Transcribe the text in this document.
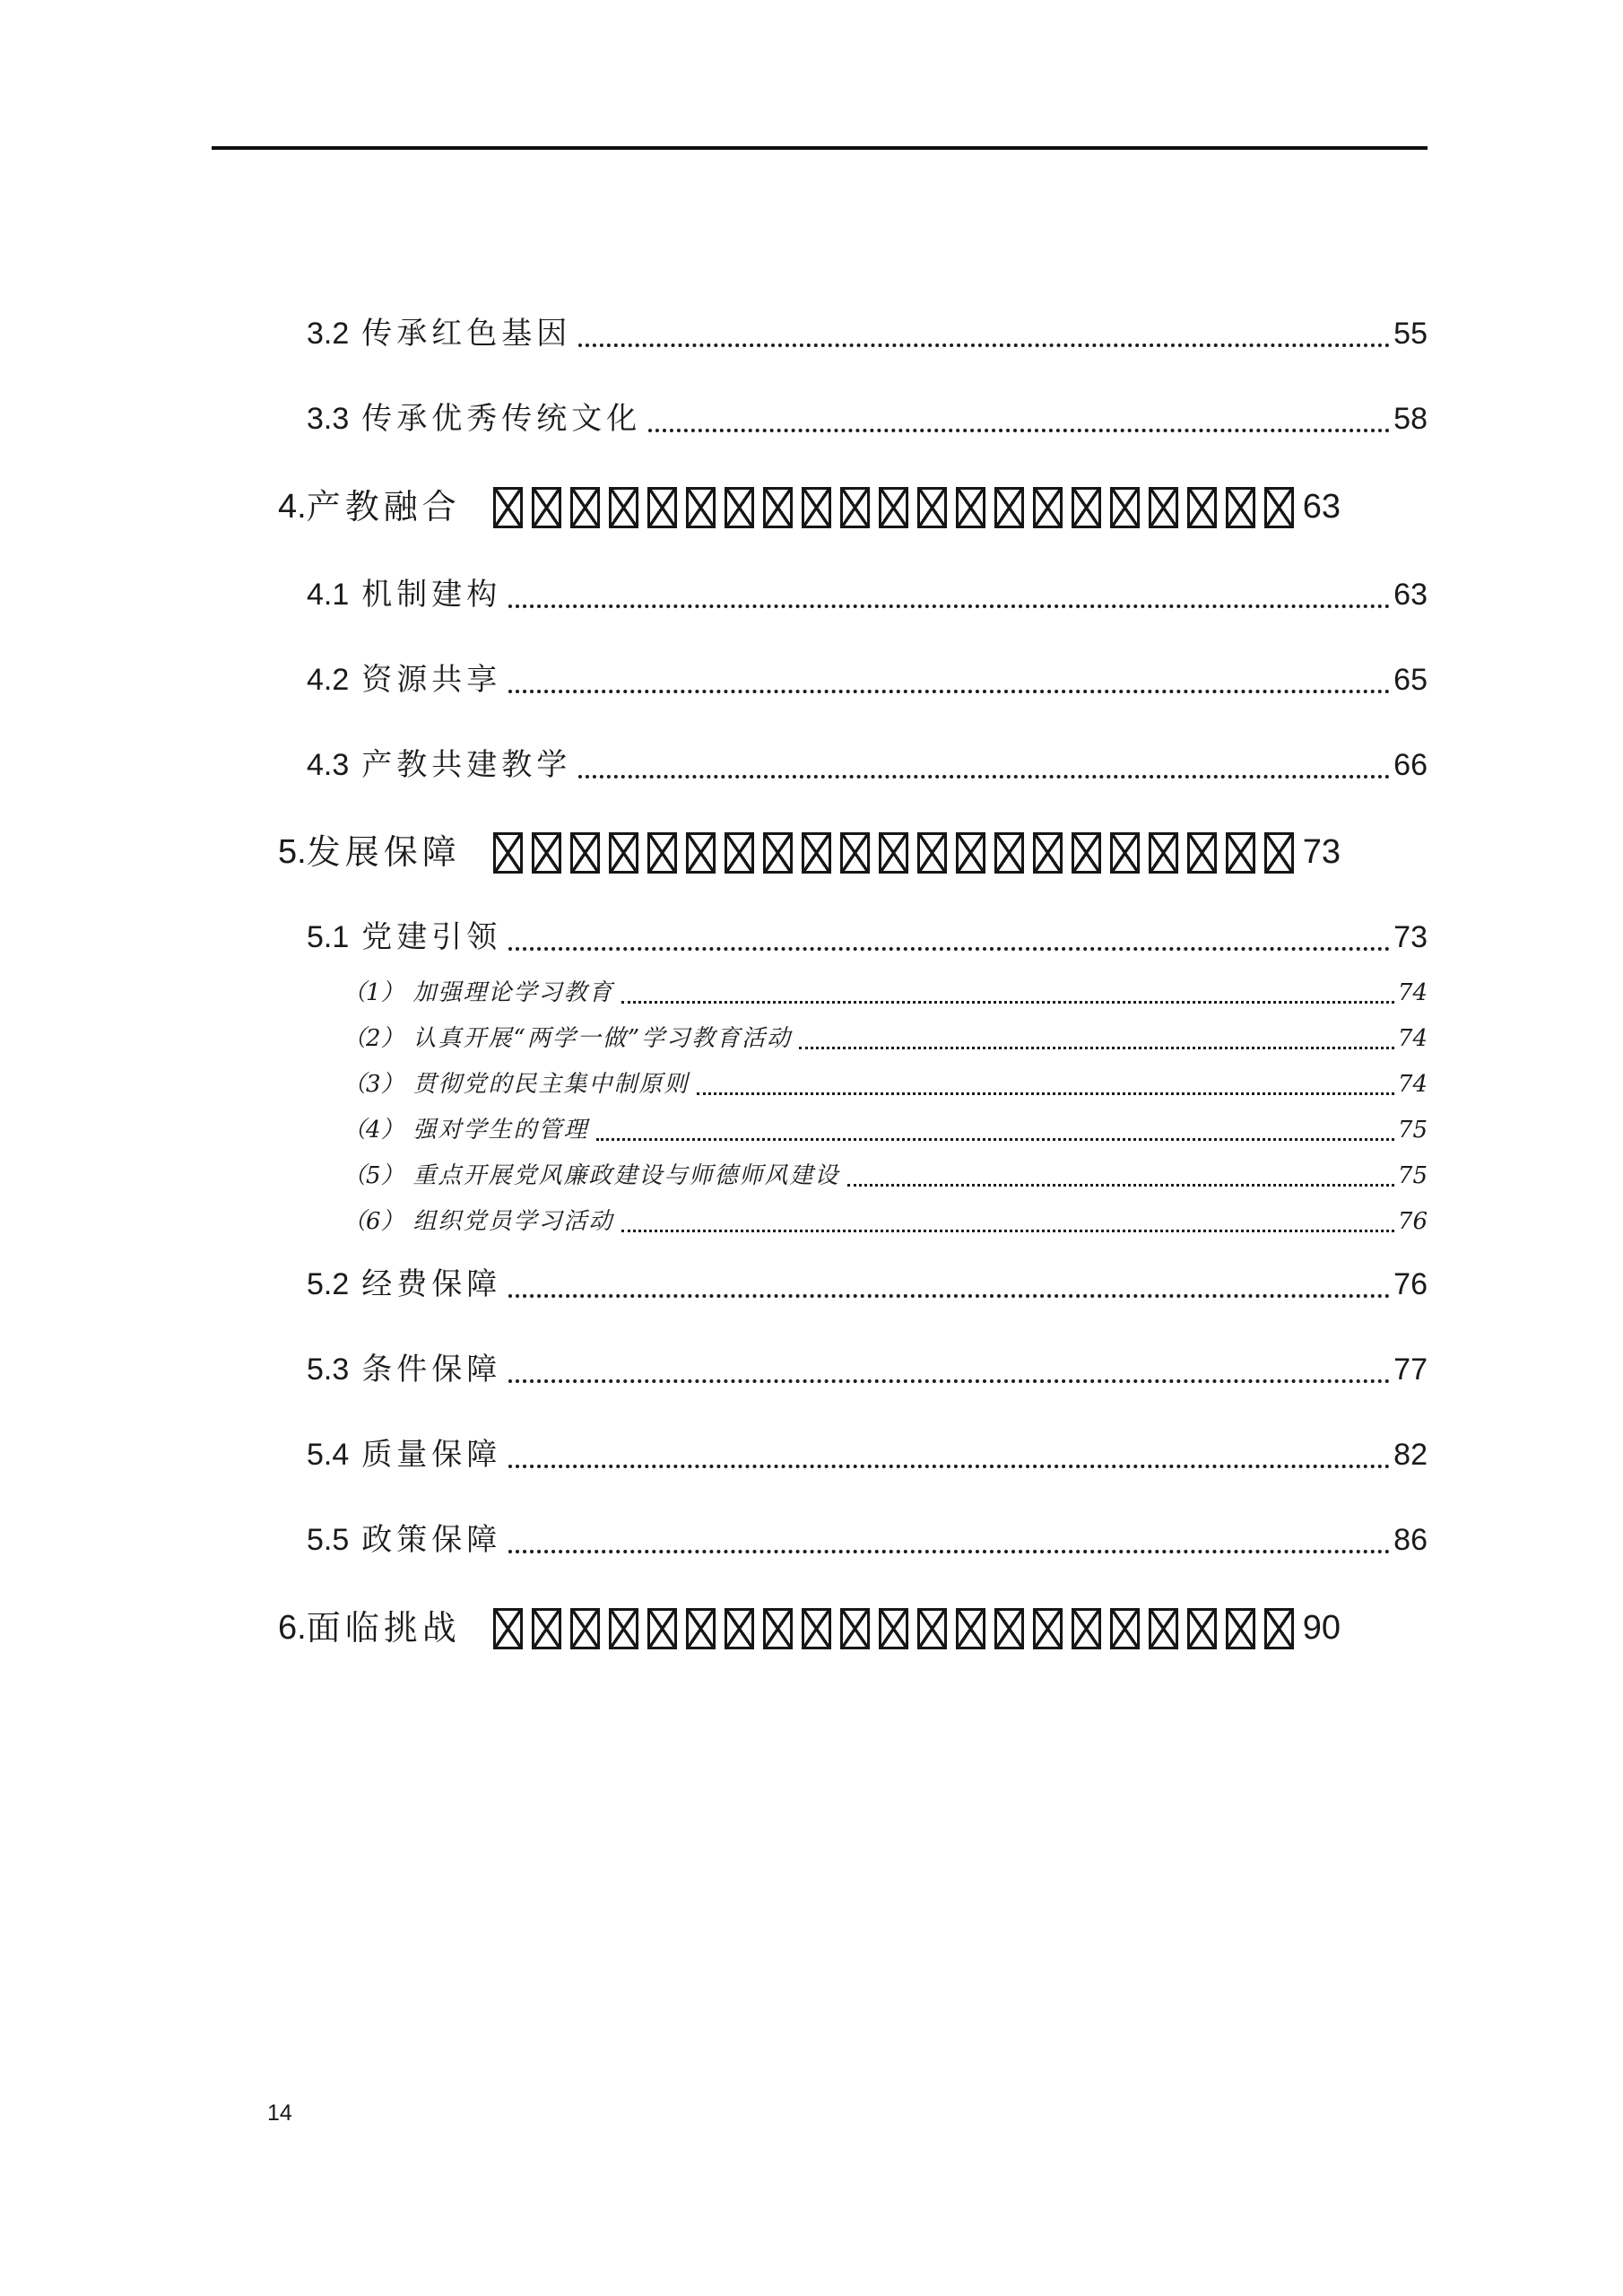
3.2 传承红色基因	55
3.3 传承优秀传统文化	58
4. 产教融合	63
4.1 机制建构	63
4.2 资源共享	65
4.3 产教共建教学	66
5. 发展保障	73
5.1 党建引领	73
（1） 加强理论学习教育	74
（2） 认真开展“两学一做”学习教育活动	74
（3） 贯彻党的民主集中制原则	74
（4） 强对学生的管理	75
（5） 重点开展党风廉政建设与师德师风建设	75
（6） 组织党员学习活动	76
5.2 经费保障	76
5.3 条件保障	77
5.4 质量保障	82
5.5 政策保障	86
6. 面临挑战	90
14
